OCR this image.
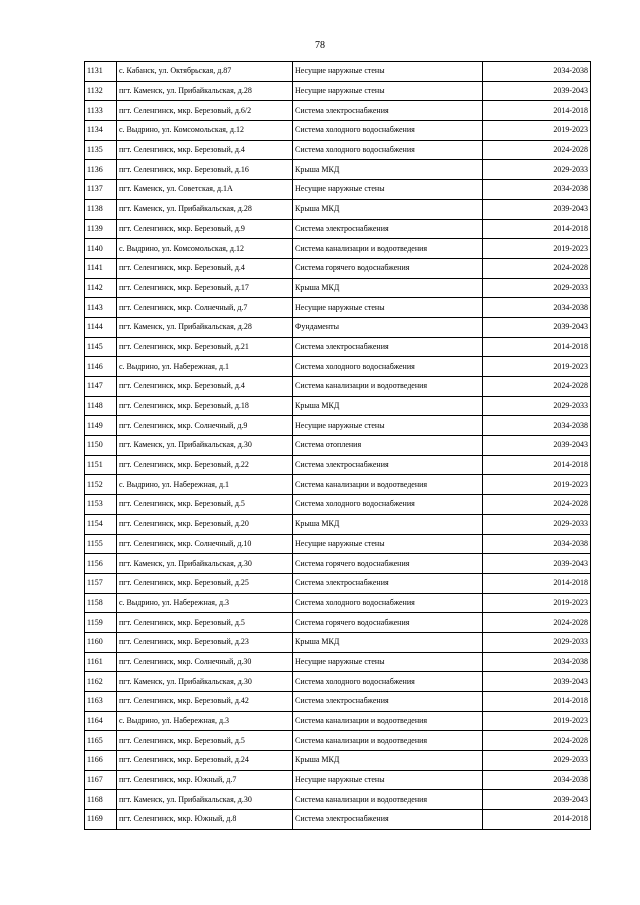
78
1131	с. Кабанск, ул. Октябрьская, д.87	Несущие наружные стены	2034-2038
1132	пгт. Каменск, ул. Прибайкальская, д.28	Несущие наружные стены	2039-2043
1133	пгт. Селенгинск, мкр. Березовый, д.6/2	Система электроснабжения	2014-2018
1134	с. Выдрино, ул. Комсомольская, д.12	Система холодного водоснабжения	2019-2023
1135	пгт. Селенгинск, мкр. Березовый, д.4	Система холодного водоснабжения	2024-2028
1136	пгт. Селенгинск, мкр. Березовый, д.16	Крыша МКД	2029-2033
1137	пгт. Каменск, ул. Советская, д.1А	Несущие наружные стены	2034-2038
1138	пгт. Каменск, ул. Прибайкальская, д.28	Крыша МКД	2039-2043
1139	пгт. Селенгинск, мкр. Березовый, д.9	Система электроснабжения	2014-2018
1140	с. Выдрино, ул. Комсомольская, д.12	Система канализации и водоотведения	2019-2023
1141	пгт. Селенгинск, мкр. Березовый, д.4	Система горячего водоснабжения	2024-2028
1142	пгт. Селенгинск, мкр. Березовый, д.17	Крыша МКД	2029-2033
1143	пгт. Селенгинск, мкр. Солнечный, д.7	Несущие наружные стены	2034-2038
1144	пгт. Каменск, ул. Прибайкальская, д.28	Фундаменты	2039-2043
1145	пгт. Селенгинск, мкр. Березовый, д.21	Система электроснабжения	2014-2018
1146	с. Выдрино, ул. Набережная, д.1	Система холодного водоснабжения	2019-2023
1147	пгт. Селенгинск, мкр. Березовый, д.4	Система канализации и водоотведения	2024-2028
1148	пгт. Селенгинск, мкр. Березовый, д.18	Крыша МКД	2029-2033
1149	пгт. Селенгинск, мкр. Солнечный, д.9	Несущие наружные стены	2034-2038
1150	пгт. Каменск, ул. Прибайкальская, д.30	Система отопления	2039-2043
1151	пгт. Селенгинск, мкр. Березовый, д.22	Система электроснабжения	2014-2018
1152	с. Выдрино, ул. Набережная, д.1	Система канализации и водоотведения	2019-2023
1153	пгт. Селенгинск, мкр. Березовый, д.5	Система холодного водоснабжения	2024-2028
1154	пгт. Селенгинск, мкр. Березовый, д.20	Крыша МКД	2029-2033
1155	пгт. Селенгинск, мкр. Солнечный, д.10	Несущие наружные стены	2034-2038
1156	пгт. Каменск, ул. Прибайкальская, д.30	Система горячего водоснабжения	2039-2043
1157	пгт. Селенгинск, мкр. Березовый, д.25	Система электроснабжения	2014-2018
1158	с. Выдрино, ул. Набережная, д.3	Система холодного водоснабжения	2019-2023
1159	пгт. Селенгинск, мкр. Березовый, д.5	Система горячего водоснабжения	2024-2028
1160	пгт. Селенгинск, мкр. Березовый, д.23	Крыша МКД	2029-2033
1161	пгт. Селенгинск, мкр. Солнечный, д.30	Несущие наружные стены	2034-2038
1162	пгт. Каменск, ул. Прибайкальская, д.30	Система холодного водоснабжения	2039-2043
1163	пгт. Селенгинск, мкр. Березовый, д.42	Система электроснабжения	2014-2018
1164	с. Выдрино, ул. Набережная, д.3	Система канализации и водоотведения	2019-2023
1165	пгт. Селенгинск, мкр. Березовый, д.5	Система канализации и водоотведения	2024-2028
1166	пгт. Селенгинск, мкр. Березовый, д.24	Крыша МКД	2029-2033
1167	пгт. Селенгинск, мкр. Южный, д.7	Несущие наружные стены	2034-2038
1168	пгт. Каменск, ул. Прибайкальская, д.30	Система канализации и водоотведения	2039-2043
1169	пгт. Селенгинск, мкр. Южный, д.8	Система электроснабжения	2014-2018
